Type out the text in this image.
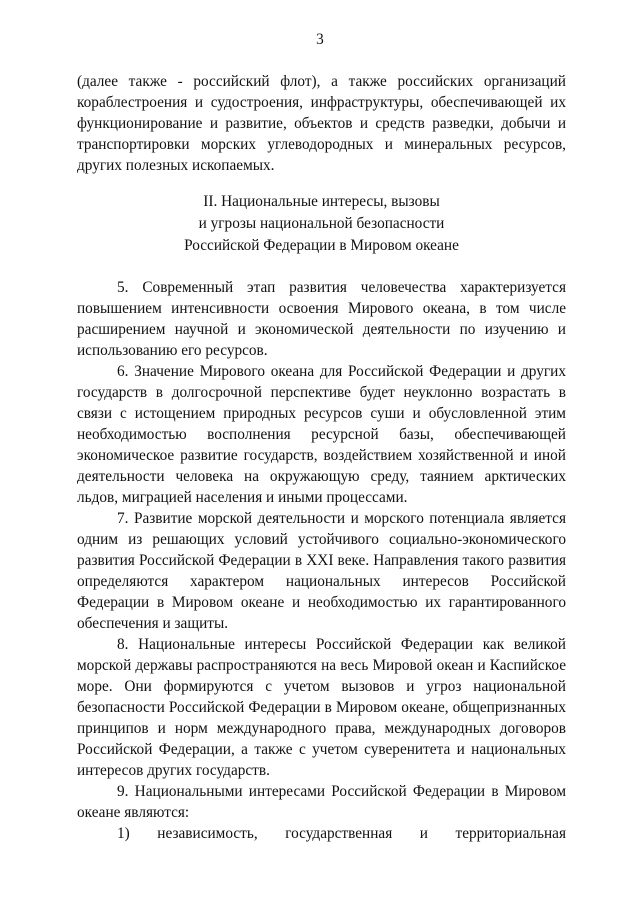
3

(далее также - российский флот), а также российских организаций кораблестроения и судостроения, инфраструктуры, обеспечивающей их функционирование и развитие, объектов и средств разведки, добычи и транспортировки морских углеводородных и минеральных ресурсов, других полезных ископаемых.

II. Национальные интересы, вызовы
и угрозы национальной безопасности
Российской Федерации в Мировом океане

5. Современный этап развития человечества характеризуется повышением интенсивности освоения Мирового океана, в том числе расширением научной и экономической деятельности по изучению и использованию его ресурсов.

6. Значение Мирового океана для Российской Федерации и других государств в долгосрочной перспективе будет неуклонно возрастать в связи с истощением природных ресурсов суши и обусловленной этим необходимостью восполнения ресурсной базы, обеспечивающей экономическое развитие государств, воздействием хозяйственной и иной деятельности человека на окружающую среду, таянием арктических льдов, миграцией населения и иными процессами.

7. Развитие морской деятельности и морского потенциала является одним из решающих условий устойчивого социально-экономического развития Российской Федерации в XXI веке. Направления такого развития определяются характером национальных интересов Российской Федерации в Мировом океане и необходимостью их гарантированного обеспечения и защиты.

8. Национальные интересы Российской Федерации как великой морской державы распространяются на весь Мировой океан и Каспийское море. Они формируются с учетом вызовов и угроз национальной безопасности Российской Федерации в Мировом океане, общепризнанных принципов и норм международного права, международных договоров Российской Федерации, а также с учетом суверенитета и национальных интересов других государств.

9. Национальными интересами Российской Федерации в Мировом океане являются:

1) независимость, государственная и территориальная
